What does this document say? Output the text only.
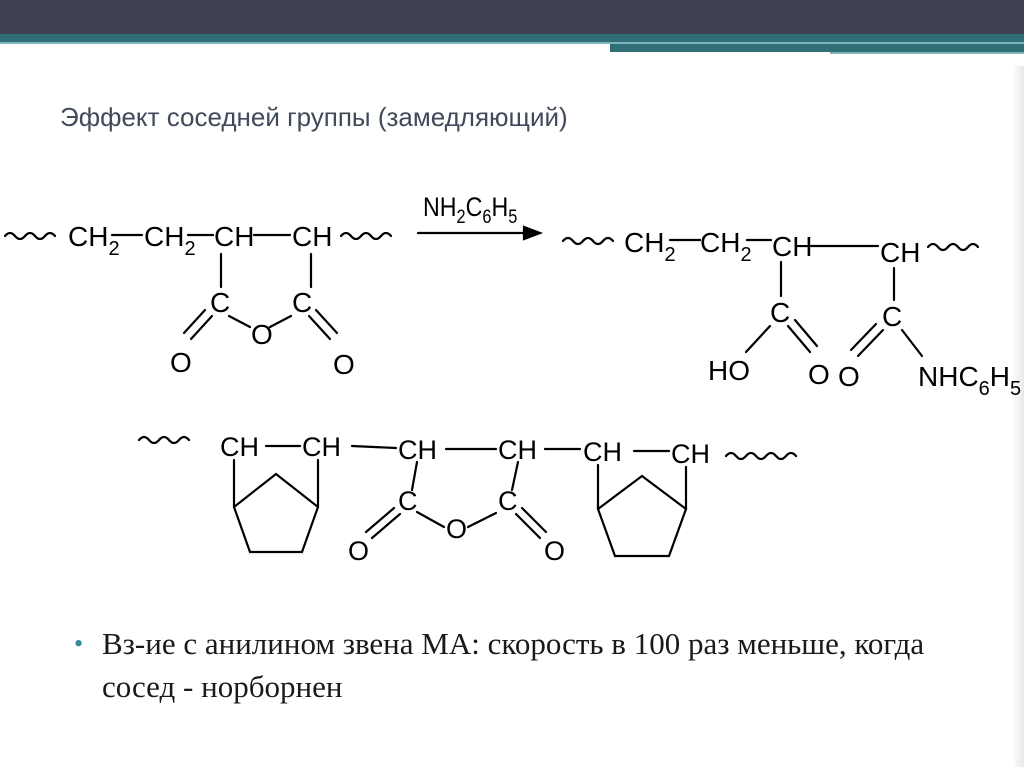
Эффект соседней группы (замедляющий)
$NH_2C_6H_5$
$CH_2$ $CH_2$ CH CH
C C
O
O	O
$CH_2$ $CH_2$ CH CH
C	C
HO O O $NHC_6H_5$
CH CH CH CH CH CH
C	C
O
O	O
• Вз-ие с анилином звена МА: скорость в 100 раз меньше, когда сосед - норборнен
